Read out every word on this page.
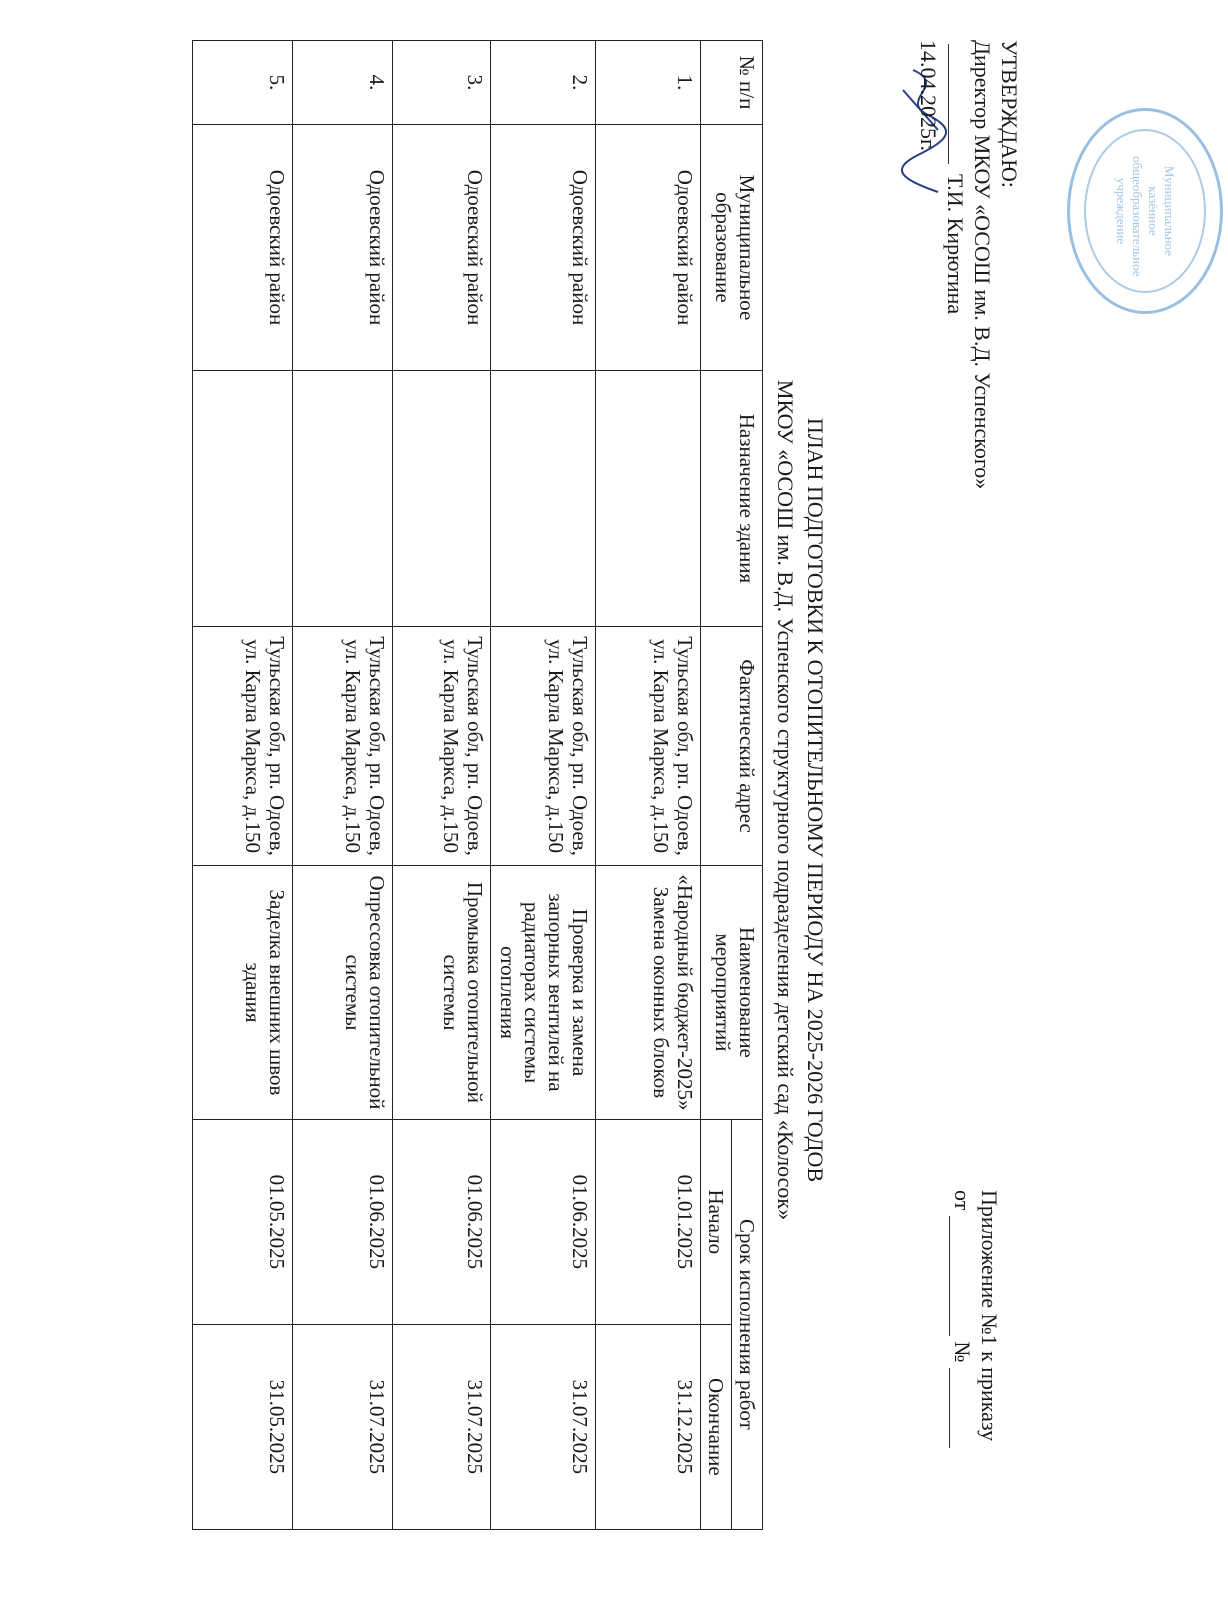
Муниципальное казённое общеобразовательное учреждение
УТВЕРЖДАЮ:
Директор МКОУ «ОСОШ им. В.Д. Успенского»
Т.И. Кирютина
14.04.2025г.
Приложение №1 к приказу
от  №
ПЛАН ПОДГОТОВКИ К ОТОПИТЕЛЬНОМУ ПЕРИОДУ НА 2025-2026 ГОДОВ
МКОУ «ОСОШ им. В.Д. Успенского структурного подразделения детский сад «Колосок»
№ п/п	Муниципальное образование	Назначение здания	Фактический адрес	Наименование мероприятий	Срок исполнения работ	
					Начало	Окончание
1.	Одоевский район		Тульская обл, рп. Одоев, ул. Карла Маркса, д.150	«Народный бюджет-2025» Замена оконных блоков	01.01.2025	31.12.2025
2.	Одоевский район		Тульская обл, рп. Одоев, ул. Карла Маркса, д.150	Проверка и замена запорных вентилей на радиаторах системы отопления	01.06.2025	31.07.2025
3.	Одоевский район		Тульская обл, рп. Одоев, ул. Карла Маркса, д.150	Промывка отопительной системы	01.06.2025	31.07.2025
4.	Одоевский район		Тульская обл, рп. Одоев, ул. Карла Маркса, д.150	Опрессовка отопительной системы	01.06.2025	31.07.2025
5.	Одоевский район		Тульская обл, рп. Одоев, ул. Карла Маркса, д.150	Заделка внешних швов здания	01.05.2025	31.05.2025
